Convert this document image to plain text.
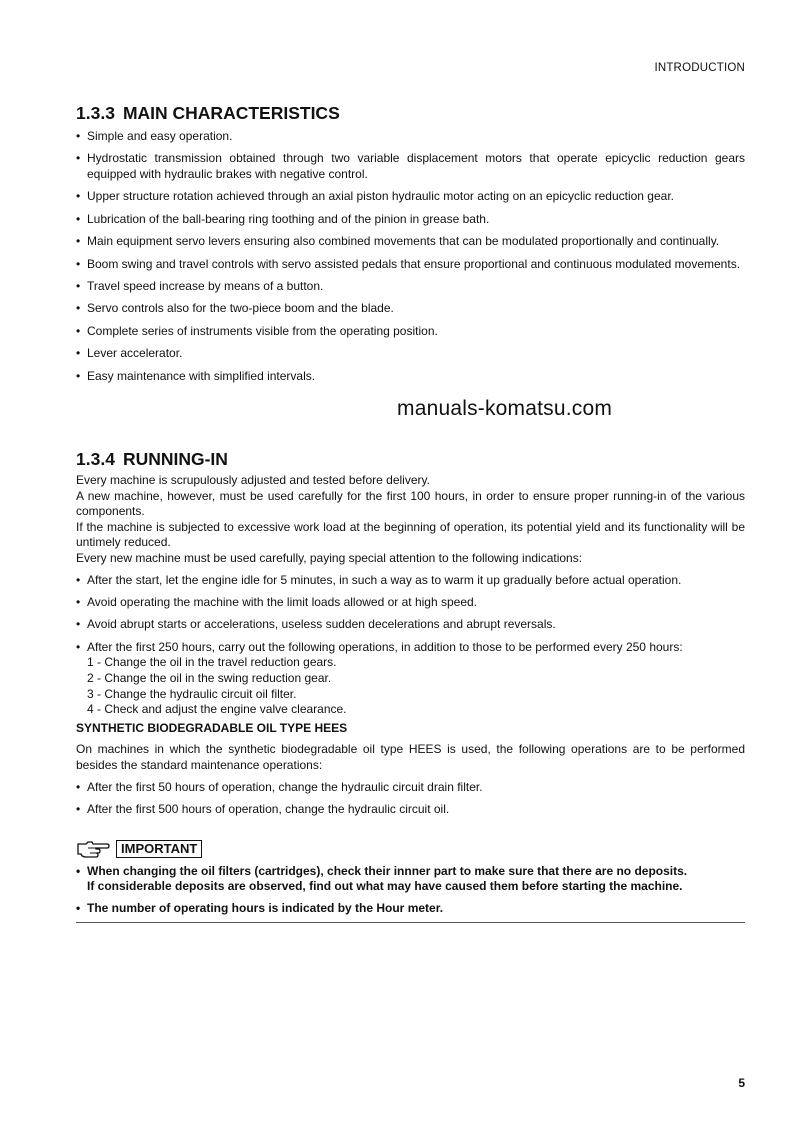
INTRODUCTION
manuals-komatsu.com
1.3.3 MAIN CHARACTERISTICS
• Simple and easy operation.
• Hydrostatic transmission obtained through two variable displacement motors that operate epicyclic reduction gears equipped with hydraulic brakes with negative control.
• Upper structure rotation achieved through an axial piston hydraulic motor acting on an epicyclic reduction gear.
• Lubrication of the ball-bearing ring toothing and of the pinion in grease bath.
• Main equipment servo levers ensuring also combined movements that can be modulated proportionally and continually.
• Boom swing and travel controls with servo assisted pedals that ensure proportional and continuous modulated movements.
• Travel speed increase by means of a button.
• Servo controls also for the two-piece boom and the blade.
• Complete series of instruments visible from the operating position.
• Lever accelerator.
• Easy maintenance with simplified intervals.
1.3.4 RUNNING-IN
Every machine is scrupulously adjusted and tested before delivery.
A new machine, however, must be used carefully for the first 100 hours, in order to ensure proper running-in of the various components.
If the machine is subjected to excessive work load at the beginning of operation, its potential yield and its functionality will be untimely reduced.
Every new machine must be used carefully, paying special attention to the following indications:
• After the start, let the engine idle for 5 minutes, in such a way as to warm it up gradually before actual operation.
• Avoid operating the machine with the limit loads allowed or at high speed.
• Avoid abrupt starts or accelerations, useless sudden decelerations and abrupt reversals.
• After the first 250 hours, carry out the following operations, in addition to those to be performed every 250 hours:
1 - Change the oil in the travel reduction gears.
2 - Change the oil in the swing reduction gear.
3 - Change the hydraulic circuit oil filter.
4 - Check and adjust the engine valve clearance.
SYNTHETIC BIODEGRADABLE OIL TYPE HEES
On machines in which the synthetic biodegradable oil type HEES is used, the following operations are to be performed besides the standard maintenance operations:
• After the first 50 hours of operation, change the hydraulic circuit drain filter.
• After the first 500 hours of operation, change the hydraulic circuit oil.
IMPORTANT
• When changing the oil filters (cartridges), check their innner part to make sure that there are no deposits.
If considerable deposits are observed, find out what may have caused them before starting the machine.
• The number of operating hours is indicated by the Hour meter.
5
